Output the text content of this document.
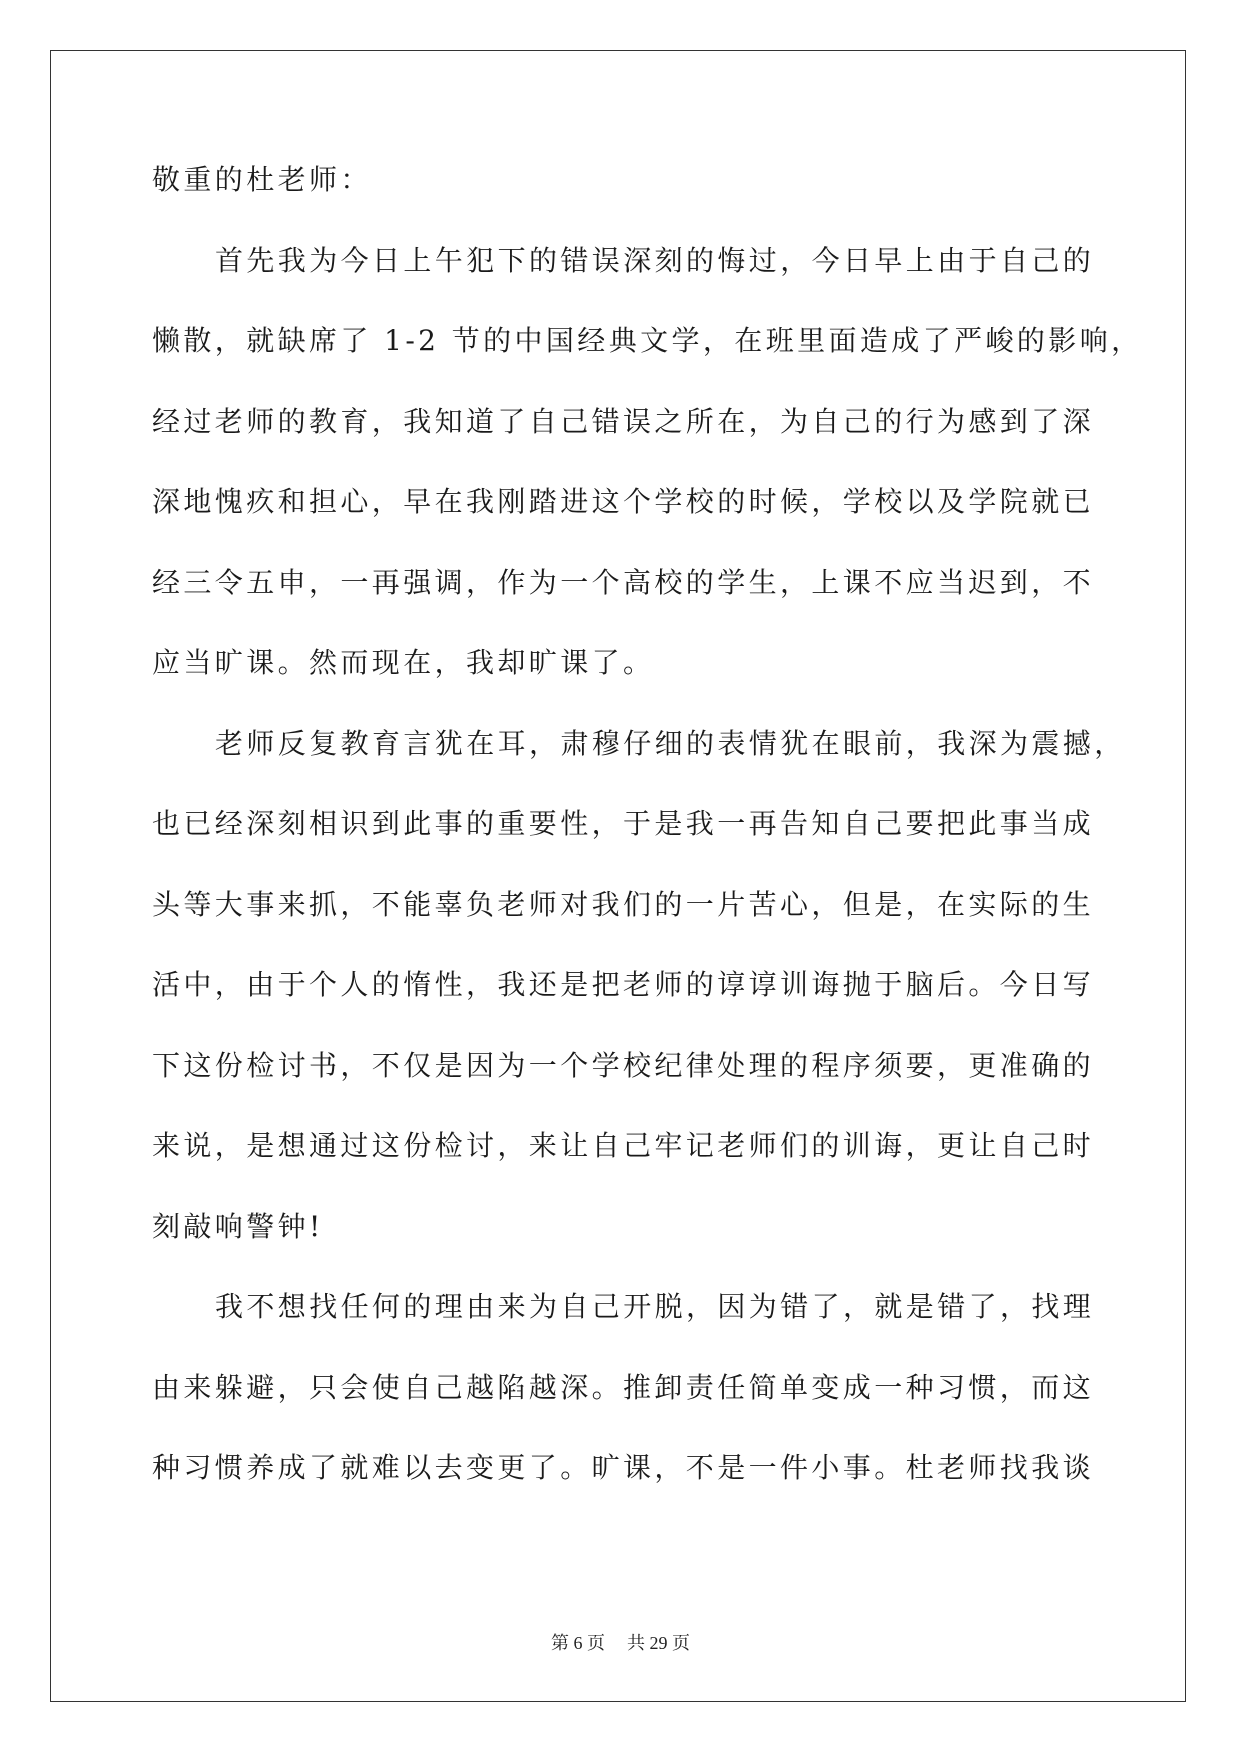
敬重的杜老师：
首先我为今日上午犯下的错误深刻的悔过，今日早上由于自己的
懒散，就缺席了 1-2 节的中国经典文学，在班里面造成了严峻的影响，
经过老师的教育，我知道了自己错误之所在，为自己的行为感到了深
深地愧疚和担心，早在我刚踏进这个学校的时候，学校以及学院就已
经三令五申，一再强调，作为一个高校的学生，上课不应当迟到，不
应当旷课。然而现在，我却旷课了。
老师反复教育言犹在耳，肃穆仔细的表情犹在眼前，我深为震撼，
也已经深刻相识到此事的重要性，于是我一再告知自己要把此事当成
头等大事来抓，不能辜负老师对我们的一片苦心，但是，在实际的生
活中，由于个人的惰性，我还是把老师的谆谆训诲抛于脑后。今日写
下这份检讨书，不仅是因为一个学校纪律处理的程序须要，更准确的
来说，是想通过这份检讨，来让自己牢记老师们的训诲，更让自己时
刻敲响警钟!
我不想找任何的理由来为自己开脱，因为错了，就是错了，找理
由来躲避，只会使自己越陷越深。推卸责任简单变成一种习惯，而这
种习惯养成了就难以去变更了。旷课，不是一件小事。杜老师找我谈
第 6 页 共 29 页
